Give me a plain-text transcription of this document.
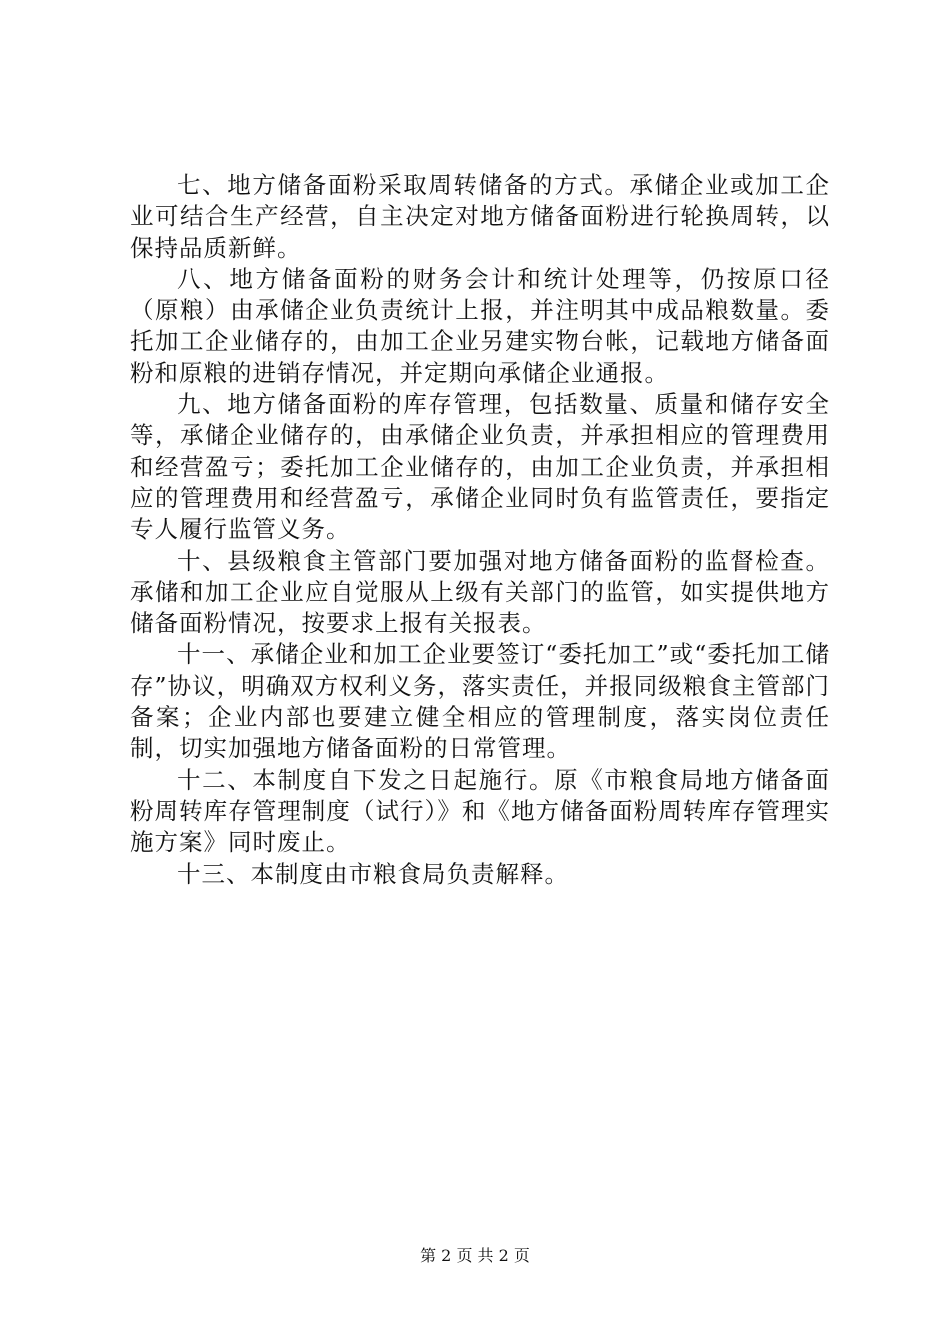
七、地方储备面粉采取周转储备的方式。承储企业或加工企业可结合生产经营，自主决定对地方储备面粉进行轮换周转，以保持品质新鲜。

八、地方储备面粉的财务会计和统计处理等，仍按原口径（原粮）由承储企业负责统计上报，并注明其中成品粮数量。委托加工企业储存的，由加工企业另建实物台帐，记载地方储备面粉和原粮的进销存情况，并定期向承储企业通报。

九、地方储备面粉的库存管理，包括数量、质量和储存安全等，承储企业储存的，由承储企业负责，并承担相应的管理费用和经营盈亏；委托加工企业储存的，由加工企业负责，并承担相应的管理费用和经营盈亏，承储企业同时负有监管责任，要指定专人履行监管义务。

十、县级粮食主管部门要加强对地方储备面粉的监督检查。承储和加工企业应自觉服从上级有关部门的监管，如实提供地方储备面粉情况，按要求上报有关报表。

十一、承储企业和加工企业要签订“委托加工”或“委托加工储存”协议，明确双方权利义务，落实责任，并报同级粮食主管部门备案；企业内部也要建立健全相应的管理制度，落实岗位责任制，切实加强地方储备面粉的日常管理。

十二、本制度自下发之日起施行。原《市粮食局地方储备面粉周转库存管理制度（试行）》和《地方储备面粉周转库存管理实施方案》同时废止。

十三、本制度由市粮食局负责解释。

第 2 页 共 2 页
